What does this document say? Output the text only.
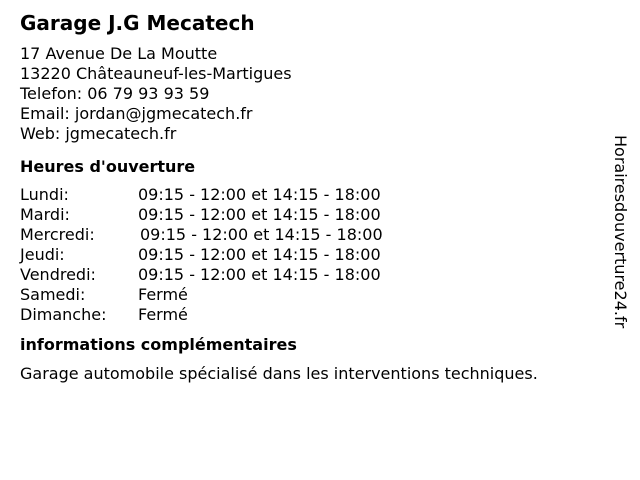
Garage J.G Mecatech
17 Avenue De La Moutte
13220 Châteauneuf-les-Martigues
Telefon: 06 79 93 93 59
Email: jordan@jgmecatech.fr
Web: jgmecatech.fr
Heures d'ouverture
Lundi:	09:15 - 12:00 et 14:15 - 18:00
Mardi:	09:15 - 12:00 et 14:15 - 18:00
Mercredi:	09:15 - 12:00 et 14:15 - 18:00
Jeudi:	09:15 - 12:00 et 14:15 - 18:00
Vendredi:	09:15 - 12:00 et 14:15 - 18:00
Samedi:	Fermé
Dimanche:	Fermé
informations complémentaires
Garage automobile spécialisé dans les interventions techniques.
Horairesdouverture24.fr
